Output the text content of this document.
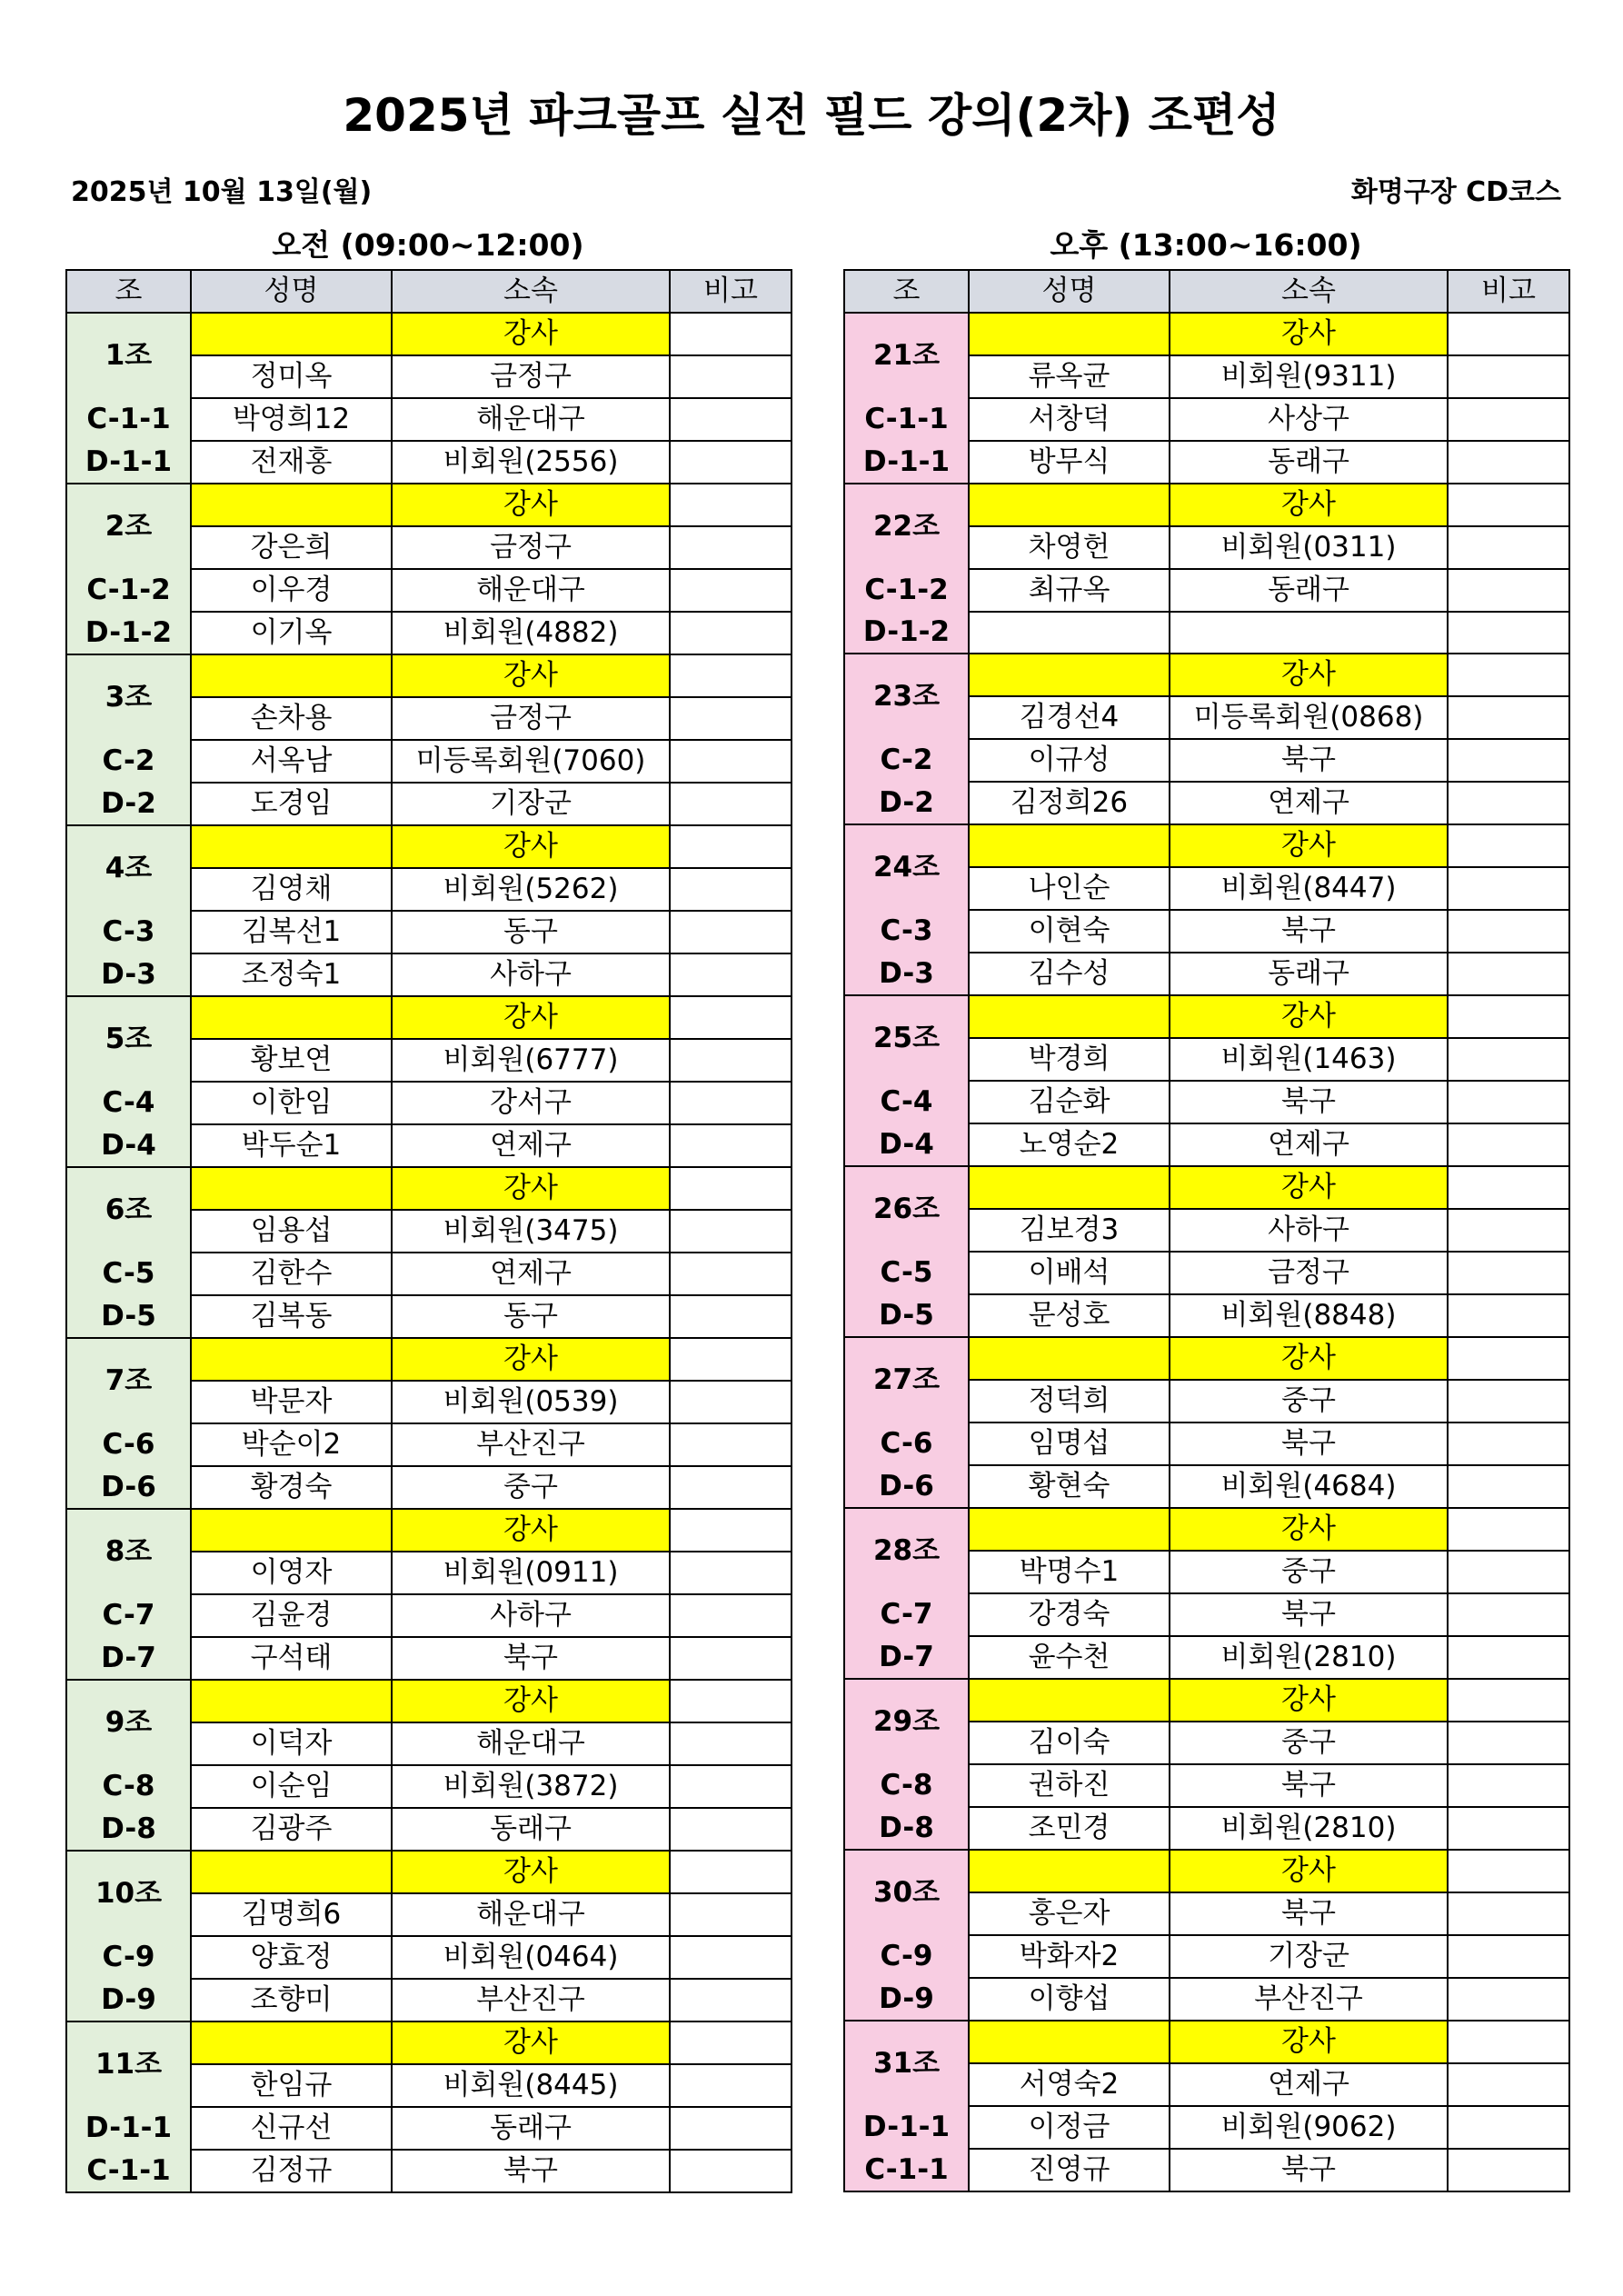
2025년 파크골프 실전 필드 강의(2차) 조편성
2025년 10월 13일(월)	화명구장 CD코스
오전 (09:00~12:00)	오후 (13:00~16:00)
조	성명	소속	비고
1조		강사	
	정미옥	금정구	
C-1-1	박영희12	해운대구	
D-1-1	전재홍	비회원(2556)	
2조		강사	
	강은희	금정구	
C-1-2	이우경	해운대구	
D-1-2	이기옥	비회원(4882)	
3조		강사	
	손차용	금정구	
C-2	서옥남	미등록회원(7060)	
D-2	도경임	기장군	
4조		강사	
	김영채	비회원(5262)	
C-3	김복선1	동구	
D-3	조정숙1	사하구	
5조		강사	
	황보연	비회원(6777)	
C-4	이한임	강서구	
D-4	박두순1	연제구	
6조		강사	
	임용섭	비회원(3475)	
C-5	김한수	연제구	
D-5	김복동	동구	
7조		강사	
	박문자	비회원(0539)	
C-6	박순이2	부산진구	
D-6	황경숙	중구	
8조		강사	
	이영자	비회원(0911)	
C-7	김윤경	사하구	
D-7	구석태	북구	
9조		강사	
	이덕자	해운대구	
C-8	이순임	비회원(3872)	
D-8	김광주	동래구	
10조		강사	
	김명희6	해운대구	
C-9	양효정	비회원(0464)	
D-9	조향미	부산진구	
11조		강사	
	한임규	비회원(8445)	
D-1-1	신규선	동래구	
C-1-1	김정규	북구	
조	성명	소속	비고
21조		강사	
	류옥균	비회원(9311)	
C-1-1	서창덕	사상구	
D-1-1	방무식	동래구	
22조		강사	
	차영헌	비회원(0311)	
C-1-2	최규옥	동래구	
D-1-2			
23조		강사	
	김경선4	미등록회원(0868)	
C-2	이규성	북구	
D-2	김정희26	연제구	
24조		강사	
	나인순	비회원(8447)	
C-3	이현숙	북구	
D-3	김수성	동래구	
25조		강사	
	박경희	비회원(1463)	
C-4	김순화	북구	
D-4	노영순2	연제구	
26조		강사	
	김보경3	사하구	
C-5	이배석	금정구	
D-5	문성호	비회원(8848)	
27조		강사	
	정덕희	중구	
C-6	임명섭	북구	
D-6	황현숙	비회원(4684)	
28조		강사	
	박명수1	중구	
C-7	강경숙	북구	
D-7	윤수천	비회원(2810)	
29조		강사	
	김이숙	중구	
C-8	권하진	북구	
D-8	조민경	비회원(2810)	
30조		강사	
	홍은자	북구	
C-9	박화자2	기장군	
D-9	이향섭	부산진구	
31조		강사	
	서영숙2	연제구	
D-1-1	이정금	비회원(9062)	
C-1-1	진영규	북구	
